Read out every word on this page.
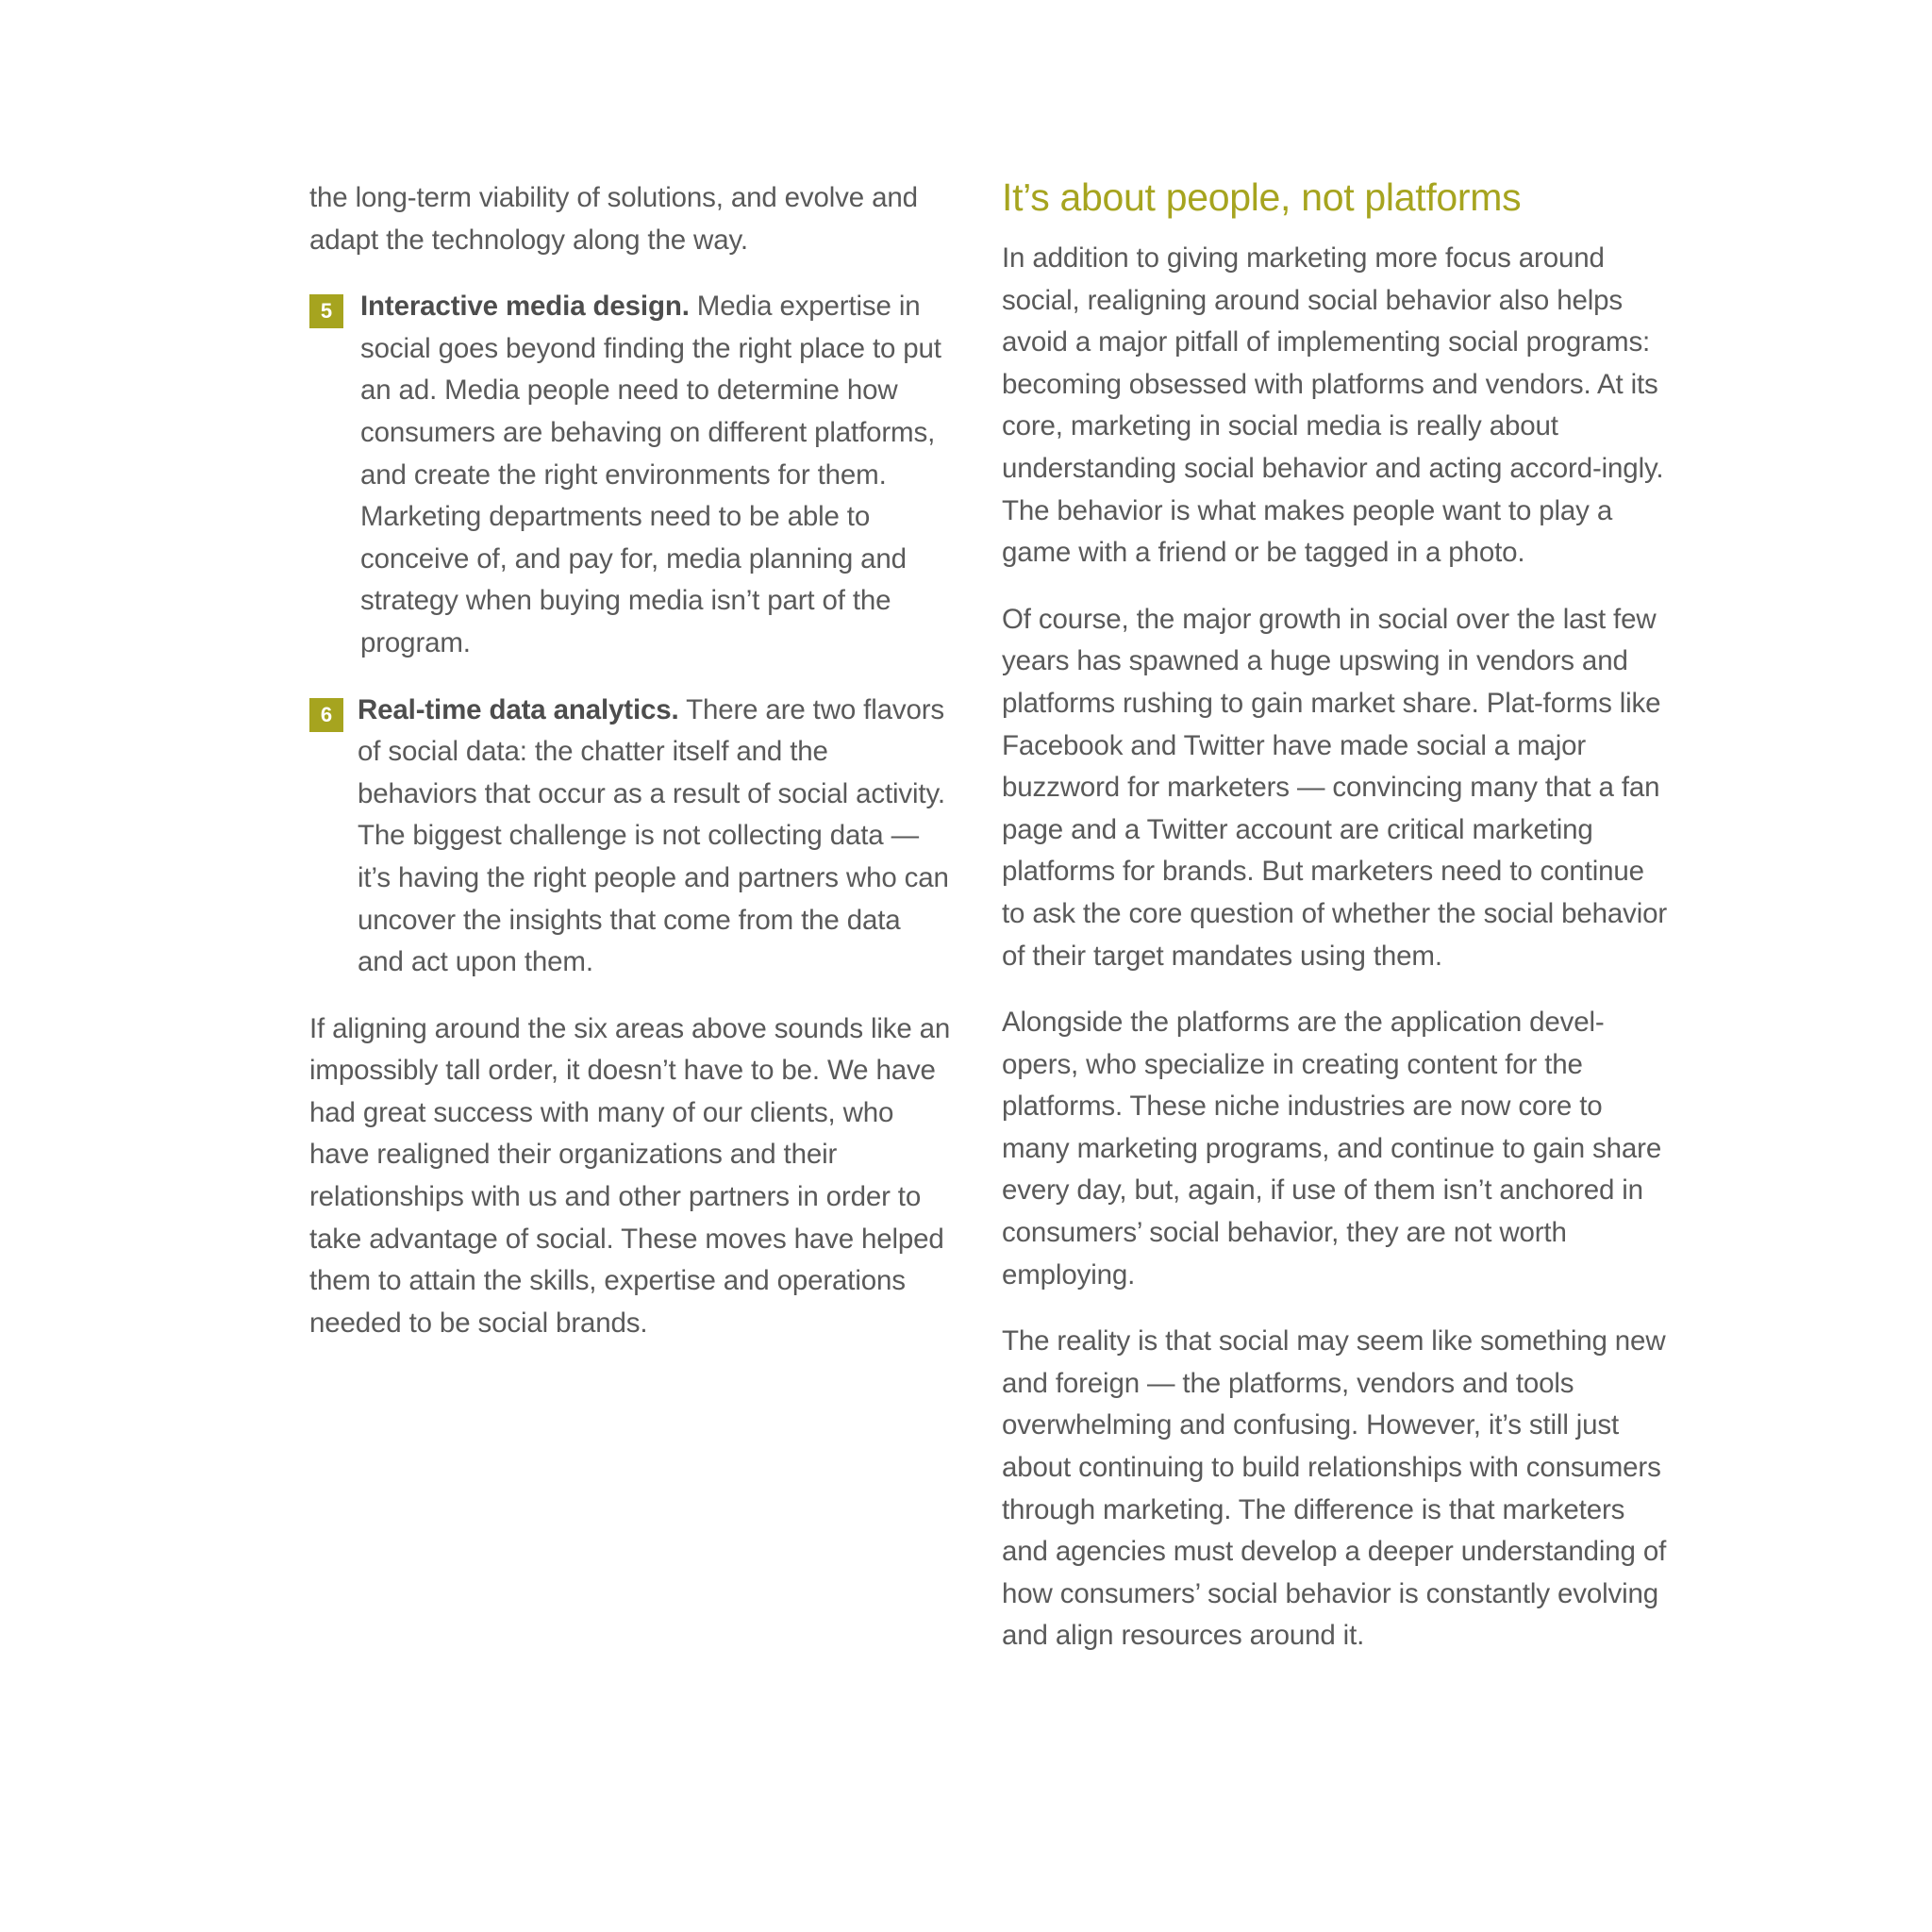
the long-term viability of solutions, and evolve and adapt the technology along the way.

5	Interactive media design. Media expertise in social goes beyond finding the right place to put an ad. Media people need to determine how consumers are behaving on different platforms, and create the right environments for them. Marketing departments need to be able to conceive of, and pay for, media planning and strategy when buying media isn’t part of the program.

6 Real-time data analytics. There are two flavors of social data: the chatter itself and the behaviors that occur as a result of social activity. The biggest challenge is not collecting data — it’s having the right people and partners who can uncover the insights that come from the data and act upon them.

If aligning around the six areas above sounds like an impossibly tall order, it doesn’t have to be. We have had great success with many of our clients, who have realigned their organizations and their relationships with us and other partners in order to take advantage of social. These moves have helped them to attain the skills, expertise and operations needed to be social brands.

It’s about people, not platforms

In addition to giving marketing more focus around social, realigning around social behavior also helps avoid a major pitfall of implementing social programs: becoming obsessed with platforms and vendors. At its core, marketing in social media is really about understanding social behavior and acting accord-ingly. The behavior is what makes people want to play a game with a friend or be tagged in a photo.

Of course, the major growth in social over the last few years has spawned a huge upswing in vendors and platforms rushing to gain market share. Plat-forms like Facebook and Twitter have made social a major buzzword for marketers — convincing many that a fan page and a Twitter account are critical marketing platforms for brands. But marketers need to continue to ask the core question of whether the social behavior of their target mandates using them.

Alongside the platforms are the application devel-opers, who specialize in creating content for the platforms. These niche industries are now core to many marketing programs, and continue to gain share every day, but, again, if use of them isn’t anchored in consumers’ social behavior, they are not worth employing.

The reality is that social may seem like something new and foreign — the platforms, vendors and tools overwhelming and confusing. However, it’s still just about continuing to build relationships with consumers through marketing. The difference is that marketers and agencies must develop a deeper understanding of how consumers’ social behavior is constantly evolving and align resources around it.
